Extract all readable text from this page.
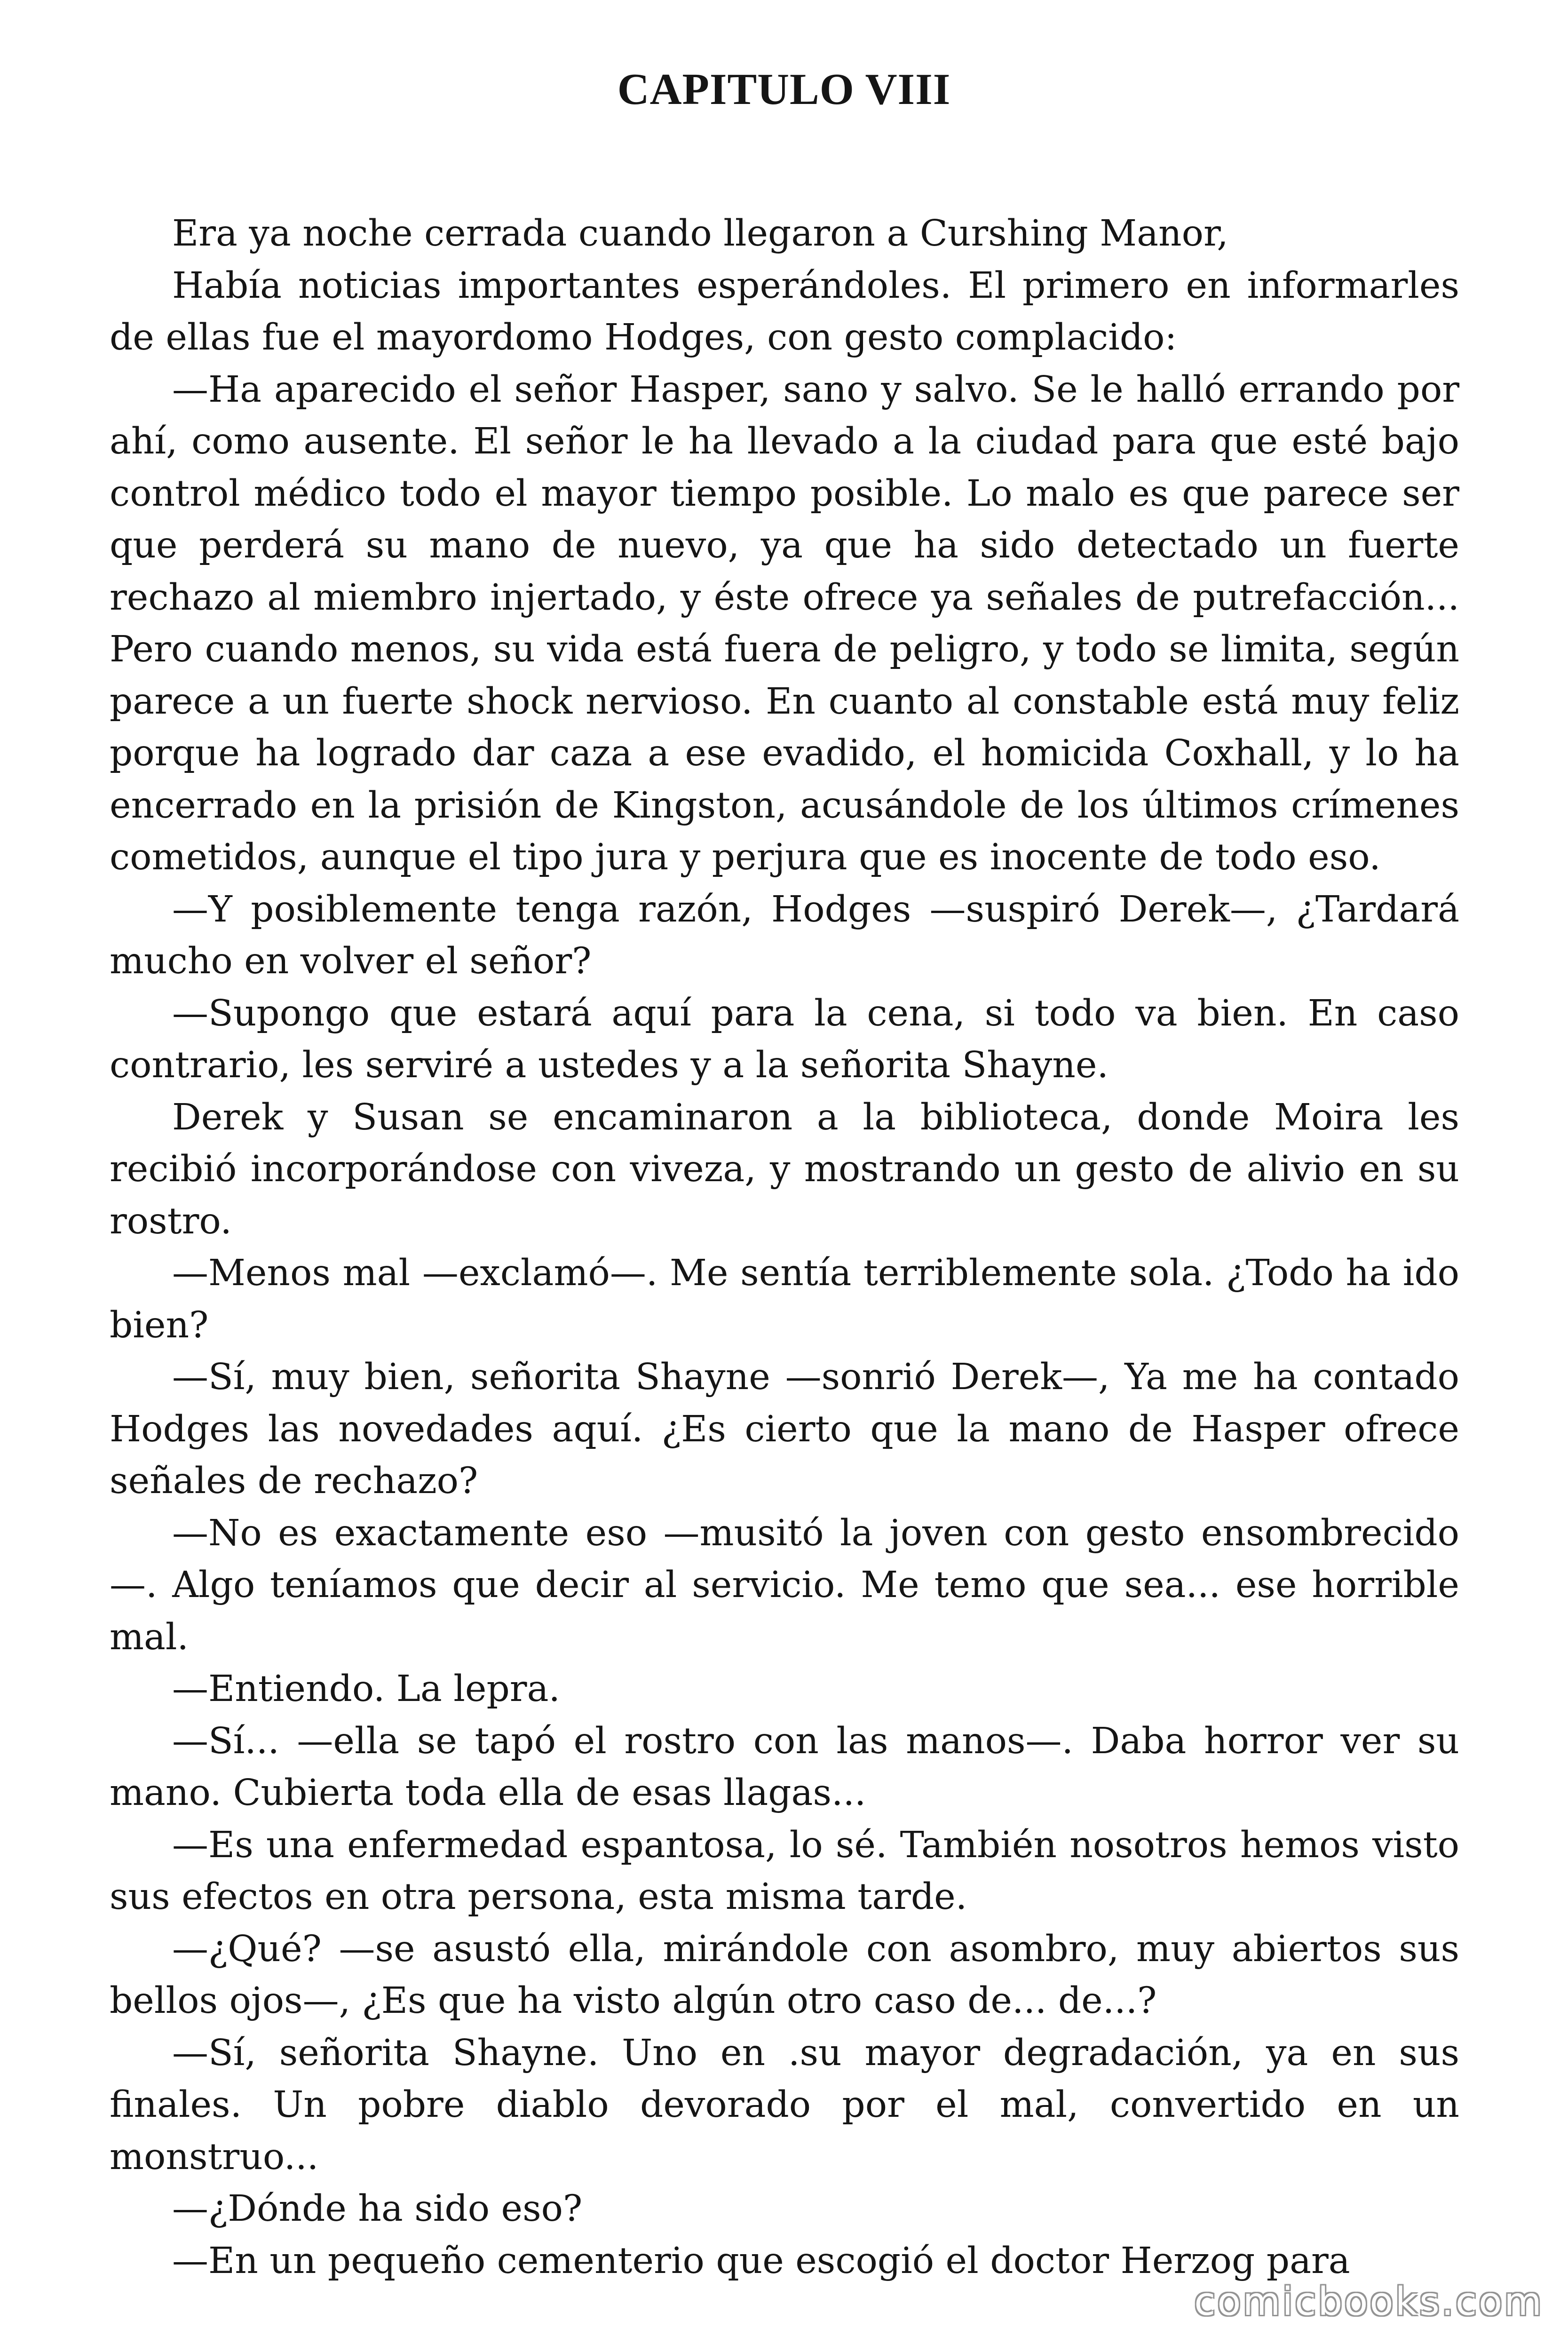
CAPITULO VIII

Era ya noche cerrada cuando llegaron a Curshing Manor,

Había noticias importantes esperándoles. El primero en informarles de ellas fue el mayordomo Hodges, con gesto complacido:

—Ha aparecido el señor Hasper, sano y salvo. Se le halló errando por ahí, como ausente. El señor le ha llevado a la ciudad para que esté bajo control médico todo el mayor tiempo posible. Lo malo es que parece ser que perderá su mano de nuevo, ya que ha sido detectado un fuerte rechazo al miembro injertado, y éste ofrece ya señales de putrefacción... Pero cuando menos, su vida está fuera de peligro, y todo se limita, según parece a un fuerte shock nervioso. En cuanto al constable está muy feliz porque ha logrado dar caza a ese evadido, el homicida Coxhall, y lo ha encerrado en la prisión de Kingston, acusándole de los últimos crímenes cometidos, aunque el tipo jura y perjura que es inocente de todo eso.

—Y posiblemente tenga razón, Hodges —suspiró Derek—, ¿Tardará mucho en volver el señor?

—Supongo que estará aquí para la cena, si todo va bien. En caso contrario, les serviré a ustedes y a la señorita Shayne.

Derek y Susan se encaminaron a la biblioteca, donde Moira les recibió incorporándose con viveza, y mostrando un gesto de alivio en su rostro.

—Menos mal —exclamó—. Me sentía terriblemente sola. ¿Todo ha ido bien?

—Sí, muy bien, señorita Shayne —sonrió Derek—, Ya me ha contado Hodges las novedades aquí. ¿Es cierto que la mano de Hasper ofrece señales de rechazo?

—No es exactamente eso —musitó la joven con gesto ensombrecido—. Algo teníamos que decir al servicio. Me temo que sea... ese horrible mal.

—Entiendo. La lepra.

—Sí... —ella se tapó el rostro con las manos—. Daba horror ver su mano. Cubierta toda ella de esas llagas...

—Es una enfermedad espantosa, lo sé. También nosotros hemos visto sus efectos en otra persona, esta misma tarde.

—¿Qué? —se asustó ella, mirándole con asombro, muy abiertos sus bellos ojos—, ¿Es que ha visto algún otro caso de... de...?

—Sí, señorita Shayne. Uno en .su mayor degradación, ya en sus finales. Un pobre diablo devorado por el mal, convertido en un monstruo...

—¿Dónde ha sido eso?

—En un pequeño cementerio que escogió el doctor Herzog para

comicbooks.com
